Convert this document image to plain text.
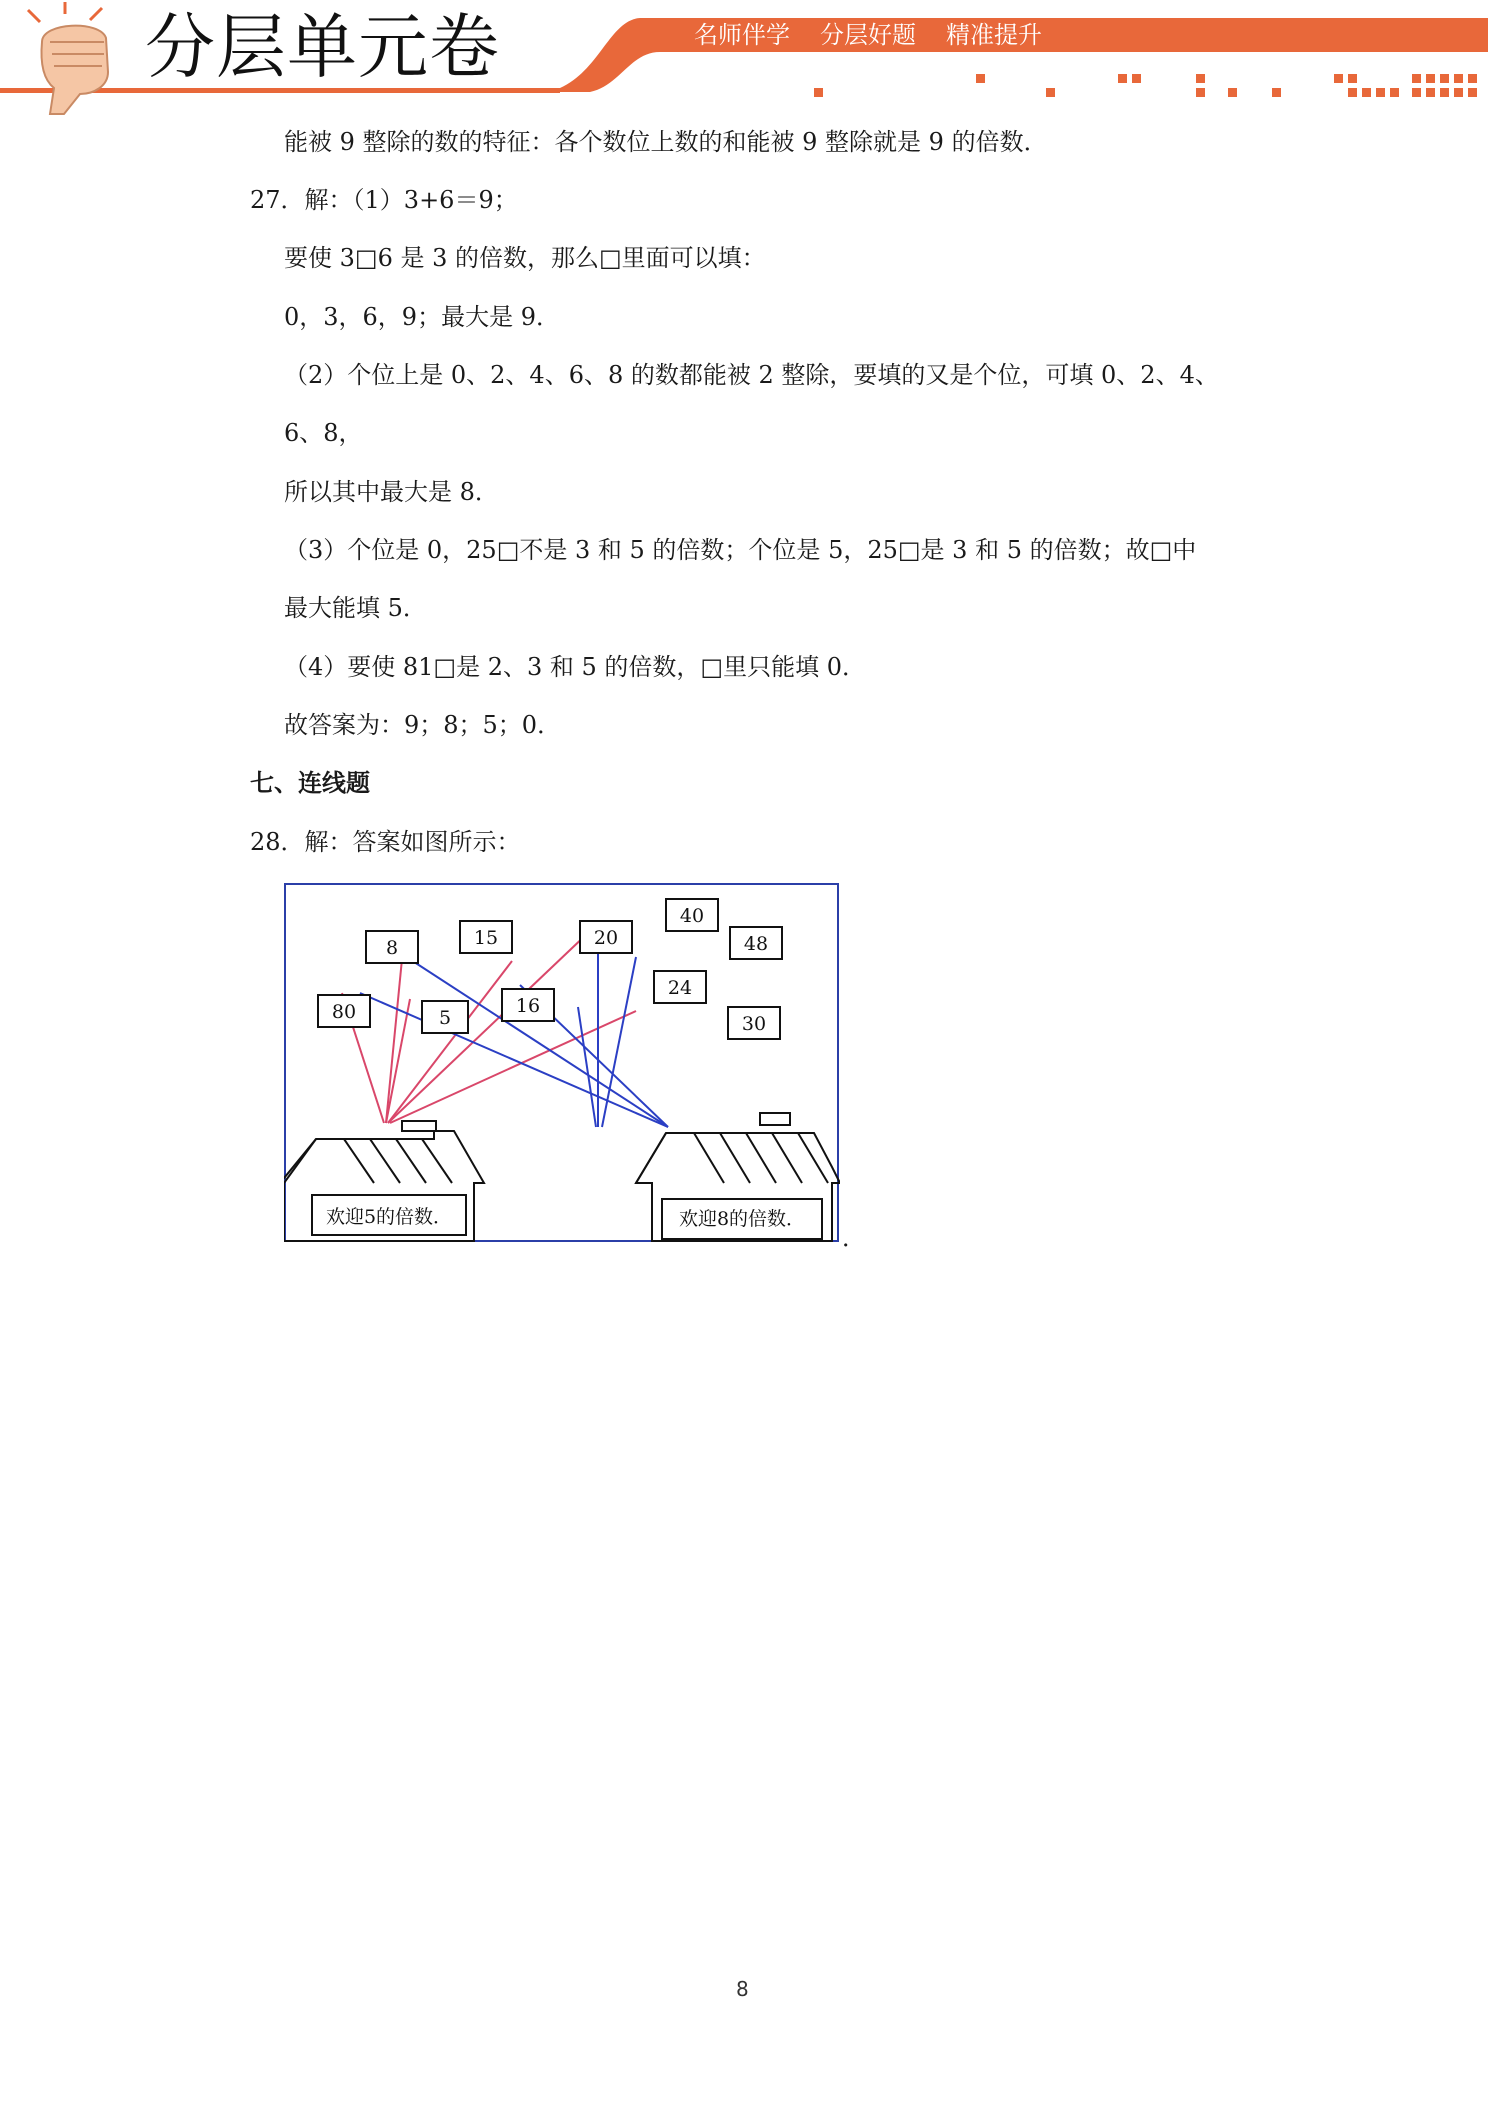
分层单元卷	名师伴学 分层好题 精准提升
能被 9 整除的数的特征：各个数位上数的和能被 9 整除就是 9 的倍数．
27．解：（1）3+6＝9；
要使 3□6 是 3 的倍数，那么□里面可以填：
0，3，6，9；最大是 9．
（2）个位上是 0、2、4、6、8 的数都能被 2 整除，要填的又是个位，可填 0、2、4、
6、8，
所以其中最大是 8．
（3）个位是 0，25□不是 3 和 5 的倍数；个位是 5，25□是 3 和 5 的倍数；故□中
最大能填 5．
（4）要使 81□是 2、3 和 5 的倍数，□里只能填 0．
故答案为：9；8；5；0．
七、连线题
28．解：答案如图所示：
8	15	20
40
48
24
80	5
16
30
欢迎5的倍数．	欢迎8的倍数．
．
8
